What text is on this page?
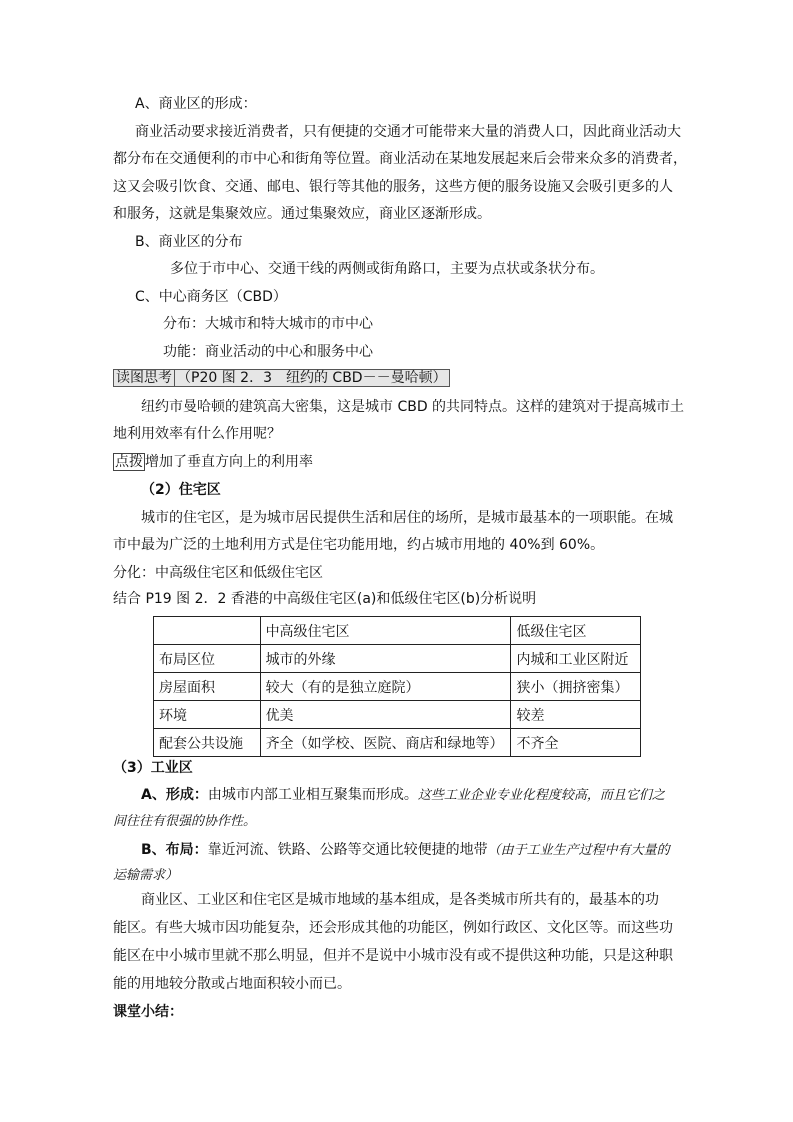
A、商业区的形成：
商业活动要求接近消费者，只有便捷的交通才可能带来大量的消费人口，因此商业活动大
都分布在交通便利的市中心和街角等位置。商业活动在某地发展起来后会带来众多的消费者，
这又会吸引饮食、交通、邮电、银行等其他的服务，这些方便的服务设施又会吸引更多的人
和服务，这就是集聚效应。通过集聚效应，商业区逐渐形成。
B、商业区的分布
多位于市中心、交通干线的两侧或街角路口，主要为点状或条状分布。
C、中心商务区（CBD）
分布：大城市和特大城市的市中心
功能：商业活动的中心和服务中心
读图思考 （P20 图 2．3　纽约的 CBD－－曼哈顿）
纽约市曼哈顿的建筑高大密集，这是城市 CBD 的共同特点。这样的建筑对于提高城市土
地利用效率有什么作用呢？
点拨 增加了垂直方向上的利用率
（2）住宅区
城市的住宅区，是为城市居民提供生活和居住的场所，是城市最基本的一项职能。在城
市中最为广泛的土地利用方式是住宅功能用地，约占城市用地的 40%到 60%。
分化：中高级住宅区和低级住宅区
结合 P19 图 2．2 香港的中高级住宅区(a)和低级住宅区(b)分析说明
	中高级住宅区	低级住宅区
布局区位	城市的外缘	内城和工业区附近
房屋面积	较大（有的是独立庭院）	狭小（拥挤密集）
环境	优美	较差
配套公共设施	齐全（如学校、医院、商店和绿地等）	不齐全
（3）工业区
A、形成：由城市内部工业相互聚集而形成。这些工业企业专业化程度较高，而且它们之
间往往有很强的协作性。
B、布局：靠近河流、铁路、公路等交通比较便捷的地带（由于工业生产过程中有大量的
运输需求）
商业区、工业区和住宅区是城市地域的基本组成，是各类城市所共有的，最基本的功
能区。有些大城市因功能复杂，还会形成其他的功能区，例如行政区、文化区等。而这些功
能区在中小城市里就不那么明显，但并不是说中小城市没有或不提供这种功能，只是这种职
能的用地较分散或占地面积较小而已。
课堂小结：
